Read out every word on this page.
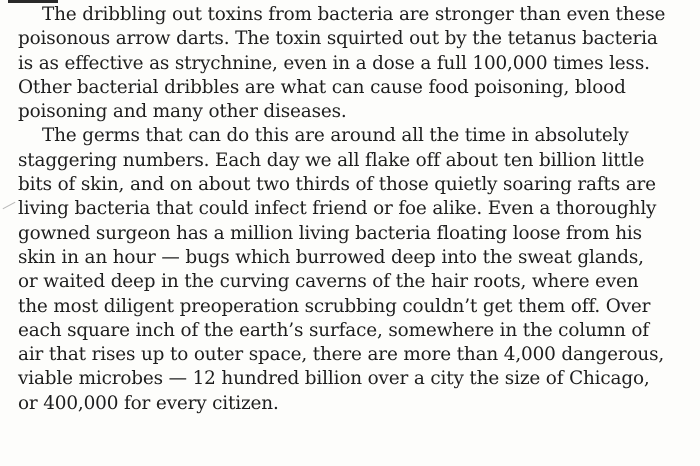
The dribbling out toxins from bacteria are stronger than even these
poisonous arrow darts. The toxin squirted out by the tetanus bacteria
is as effective as strychnine, even in a dose a full 100,000 times less.
Other bacterial dribbles are what can cause food poisoning, blood
poisoning and many other diseases.
The germs that can do this are around all the time in absolutely
staggering numbers. Each day we all flake off about ten billion little
bits of skin, and on about two thirds of those quietly soaring rafts are
living bacteria that could infect friend or foe alike. Even a thoroughly
gowned surgeon has a million living bacteria floating loose from his
skin in an hour — bugs which burrowed deep into the sweat glands,
or waited deep in the curving caverns of the hair roots, where even
the most diligent preoperation scrubbing couldn’t get them off. Over
each square inch of the earth’s surface, somewhere in the column of
air that rises up to outer space, there are more than 4,000 dangerous,
viable microbes — 12 hundred billion over a city the size of Chicago,
or 400,000 for every citizen.
